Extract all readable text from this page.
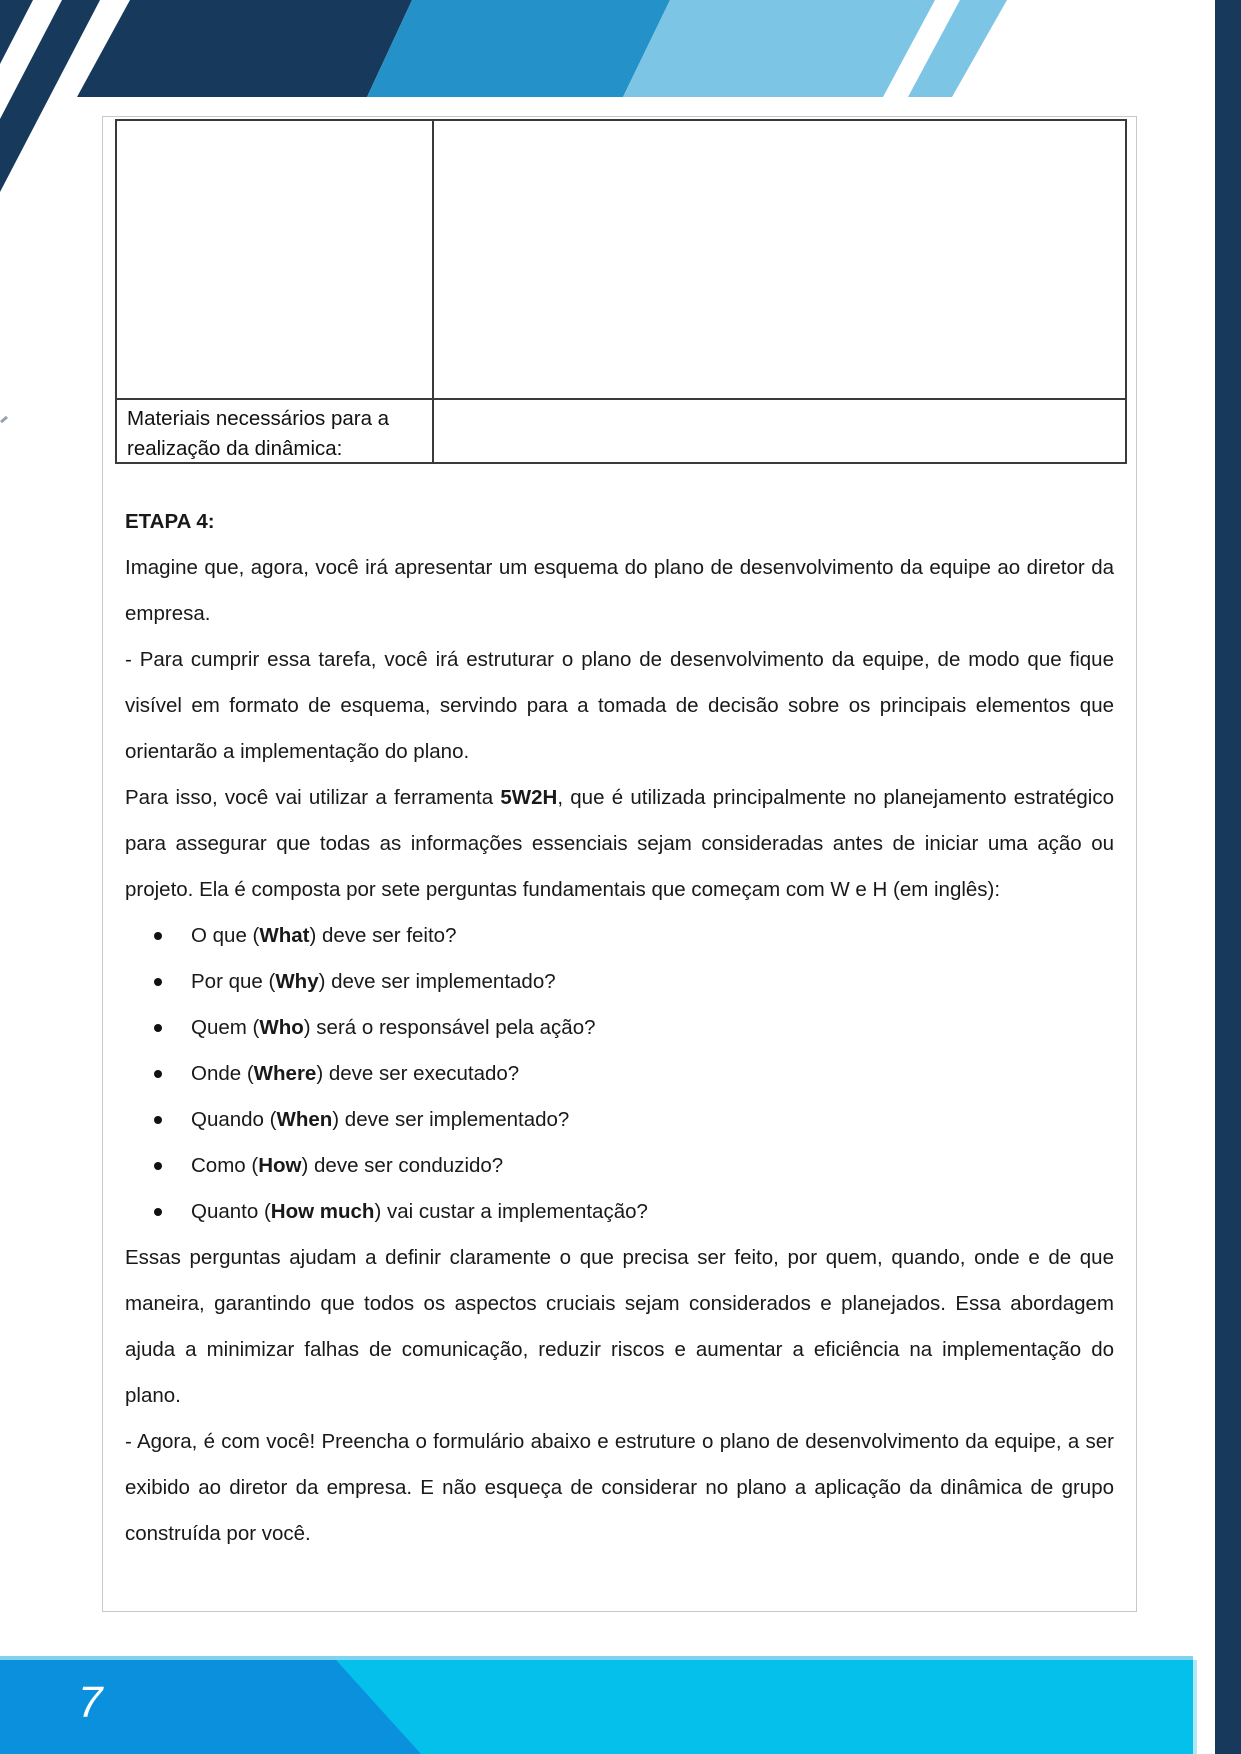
Materiais necessários para a realização da dinâmica:
ETAPA 4:

Imagine que, agora, você irá apresentar um esquema do plano de desenvolvimento da equipe ao diretor da empresa.

- Para cumprir essa tarefa, você irá estruturar o plano de desenvolvimento da equipe, de modo que fique visível em formato de esquema, servindo para a tomada de decisão sobre os principais elementos que orientarão a implementação do plano.

Para isso, você vai utilizar a ferramenta 5W2H, que é utilizada principalmente no planejamento estratégico para assegurar que todas as informações essenciais sejam consideradas antes de iniciar uma ação ou projeto. Ela é composta por sete perguntas fundamentais que começam com W e H (em inglês):

O que (What) deve ser feito?
Por que (Why) deve ser implementado?
Quem (Who) será o responsável pela ação?
Onde (Where) deve ser executado?
Quando (When) deve ser implementado?
Como (How) deve ser conduzido?
Quanto (How much) vai custar a implementação?

Essas perguntas ajudam a definir claramente o que precisa ser feito, por quem, quando, onde e de que maneira, garantindo que todos os aspectos cruciais sejam considerados e planejados. Essa abordagem ajuda a minimizar falhas de comunicação, reduzir riscos e aumentar a eficiência na implementação do plano.

- Agora, é com você! Preencha o formulário abaixo e estruture o plano de desenvolvimento da equipe, a ser exibido ao diretor da empresa. E não esqueça de considerar no plano a aplicação da dinâmica de grupo construída por você.

7
